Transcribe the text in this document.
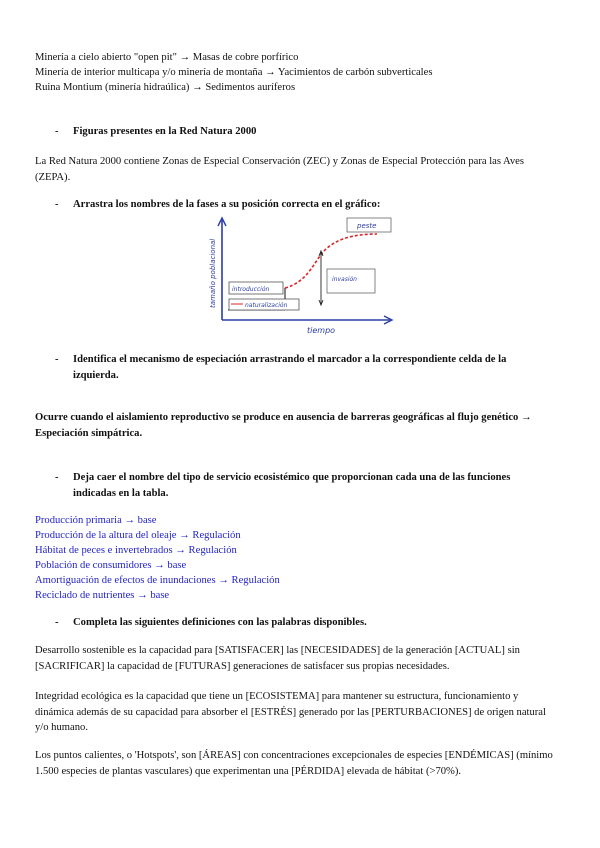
Minería a cielo abierto "open pit" → Masas de cobre porfírico
Minería de interior multicapa y/o minería de montaña → Yacimientos de carbón subverticales
Ruina Montium (minería hidraúlica) → Sedimentos auríferos
- Figuras presentes en la Red Natura 2000
La Red Natura 2000 contiene Zonas de Especial Conservación (ZEC) y Zonas de Especial Protección para las Aves (ZEPA).
- Arrastra los nombres de la fases a su posición correcta en el gráfico:
tamaño poblacional
tiempo
peste
invasión
introducción
naturalización
- Identifica el mecanismo de especiación arrastrando el marcador a la correspondiente celda de la izquierda.
Ocurre cuando el aislamiento reproductivo se produce en ausencia de barreras geográficas al flujo genético → Especiación simpátrica.
- Deja caer el nombre del tipo de servicio ecosistémico que proporcionan cada una de las funciones indicadas en la tabla.
Producción primaria → base
Producción de la altura del oleaje → Regulación
Hábitat de peces e invertebrados → Regulación
Población de consumidores → base
Amortiguación de efectos de inundaciones → Regulación
Reciclado de nutrientes → base
- Completa las siguientes definiciones con las palabras disponibles.
Desarrollo sostenible es la capacidad para [SATISFACER] las [NECESIDADES] de la generación [ACTUAL] sin [SACRIFICAR] la capacidad de [FUTURAS] generaciones de satisfacer sus propias necesidades.
Integridad ecológica es la capacidad que tiene un [ECOSISTEMA] para mantener su estructura, funcionamiento y dinámica además de su capacidad para absorber el [ESTRÉS] generado por las [PERTURBACIONES] de origen natural y/o humano.
Los puntos calientes, o 'Hotspots', son [ÁREAS] con concentraciones excepcionales de especies [ENDÉMICAS] (mínimo 1.500 especies de plantas vasculares) que experimentan una [PÉRDIDA] elevada de hábitat (>70%).
